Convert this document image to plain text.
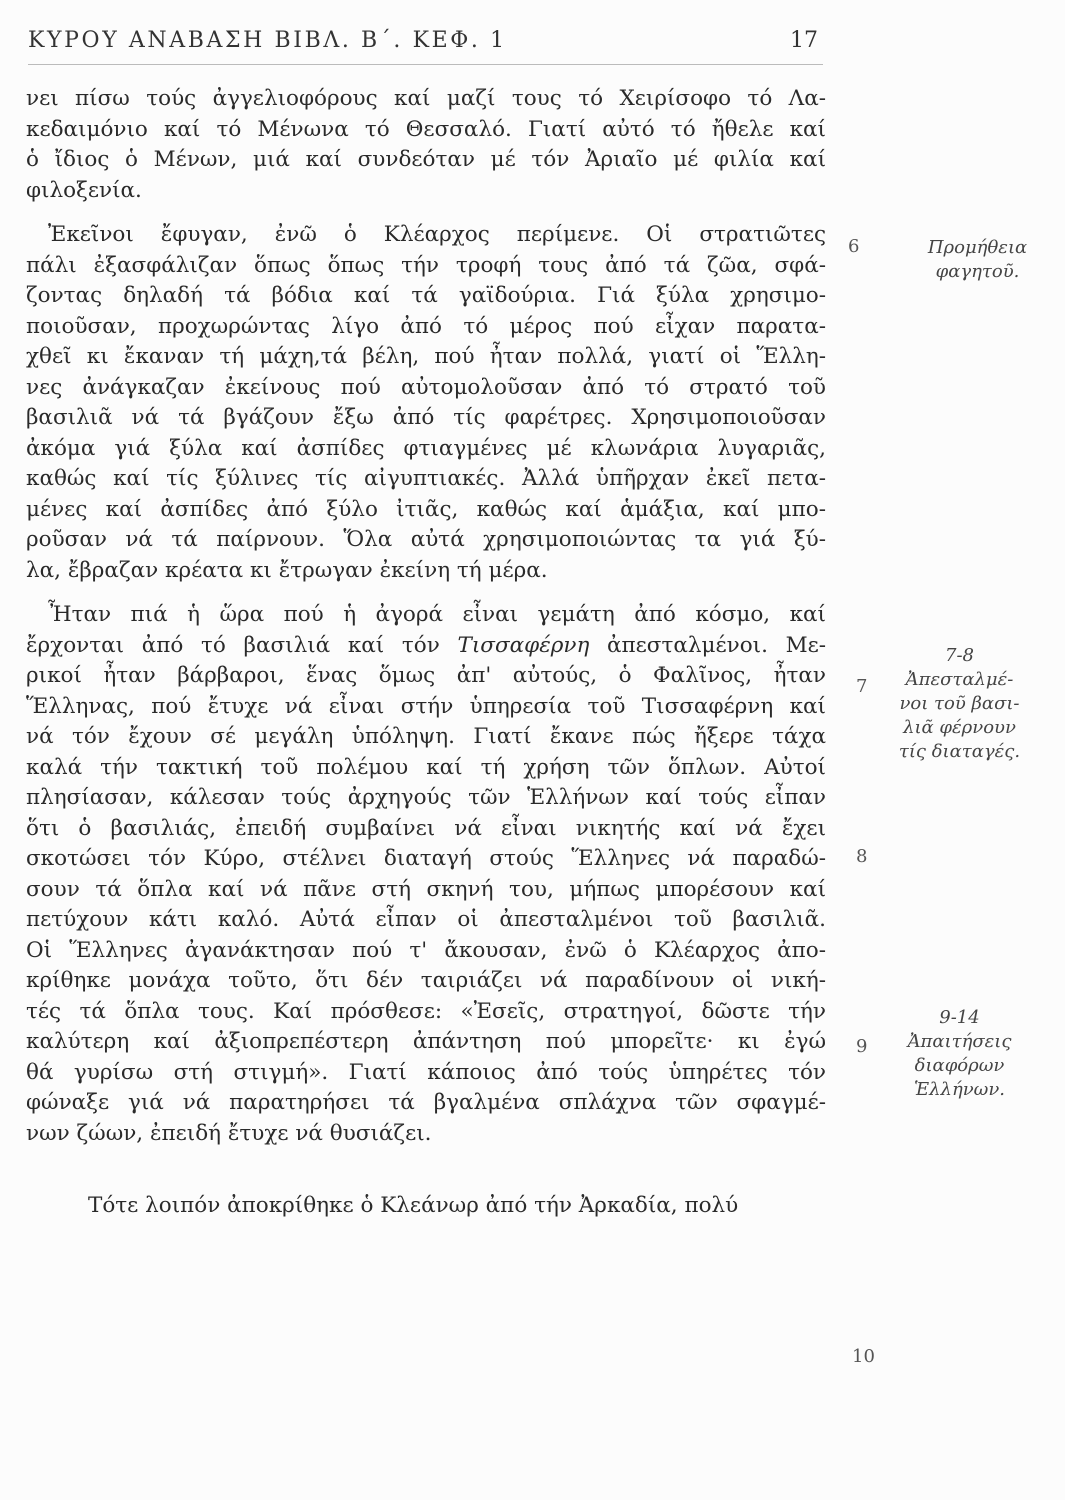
ΚΥΡΟΥ ΑΝΑΒΑΣΗ ΒΙΒΛ. Β΄. ΚΕΦ. 1	17
νει πίσω τούς ἀγγελιοφόρους καί μαζί τους τό Χειρίσοφο τό Λα-
κεδαιμόνιο καί τό Μένωνα τό Θεσσαλό. Γιατί αὐτό τό ἤθελε καί
ὁ ἴδιος ὁ Μένων, μιά καί συνδεόταν μέ τόν Ἀριαῖο μέ φιλία καί
φιλοξενία.
Ἐκεῖνοι ἔφυγαν, ἐνῶ ὁ Κλέαρχος περίμενε. Οἱ στρατιῶτες
πάλι ἐξασφάλιζαν ὅπως ὅπως τήν τροφή τους ἀπό τά ζῶα, σφά-
ζοντας δηλαδή τά βόδια καί τά γαϊδούρια. Γιά ξύλα χρησιμο-
ποιοῦσαν, προχωρώντας λίγο ἀπό τό μέρος πού εἶχαν παρατα-
χθεῖ κι ἔκαναν τή μάχη,τά βέλη, πού ἦταν πολλά, γιατί οἱ Ἕλλη-
νες ἀνάγκαζαν ἐκείνους πού αὐτομολοῦσαν ἀπό τό στρατό τοῦ
βασιλιᾶ νά τά βγάζουν ἔξω ἀπό τίς φαρέτρες. Χρησιμοποιοῦσαν
ἀκόμα γιά ξύλα καί ἀσπίδες φτιαγμένες μέ κλωνάρια λυγαριᾶς,
καθώς καί τίς ξύλινες τίς αἰγυπτιακές. Ἀλλά ὑπῆρχαν ἐκεῖ πετα-
μένες καί ἀσπίδες ἀπό ξύλο ἰτιᾶς, καθώς καί ἁμάξια, καί μπο-
ροῦσαν νά τά παίρνουν. Ὅλα αὐτά χρησιμοποιώντας τα γιά ξύ-
λα, ἔβραζαν κρέατα κι ἔτρωγαν ἐκείνη τή μέρα.
Ἦταν πιά ἡ ὥρα πού ἡ ἀγορά εἶναι γεμάτη ἀπό κόσμο, καί
ἔρχονται ἀπό τό βασιλιά καί τόν Τισσαφέρνη ἀπεσταλμένοι. Με-
ρικοί ἦταν βάρβαροι, ἕνας ὅμως ἀπ' αὐτούς, ὁ Φαλῖνος, ἦταν
Ἕλληνας, πού ἔτυχε νά εἶναι στήν ὑπηρεσία τοῦ Τισσαφέρνη καί
νά τόν ἔχουν σέ μεγάλη ὑπόληψη. Γιατί ἔκανε πώς ἤξερε τάχα
καλά τήν τακτική τοῦ πολέμου καί τή χρήση τῶν ὅπλων. Αὐτοί
πλησίασαν, κάλεσαν τούς ἀρχηγούς τῶν Ἑλλήνων καί τούς εἶπαν
ὅτι ὁ βασιλιάς, ἐπειδή συμβαίνει νά εἶναι νικητής καί νά ἔχει
σκοτώσει τόν Κύρο, στέλνει διαταγή στούς Ἕλληνες νά παραδώ-
σουν τά ὅπλα καί νά πᾶνε στή σκηνή του, μήπως μπορέσουν καί
πετύχουν κάτι καλό. Αὐτά εἶπαν οἱ ἀπεσταλμένοι τοῦ βασιλιᾶ.
Οἱ Ἕλληνες ἀγανάκτησαν πού τ' ἄκουσαν, ἐνῶ ὁ Κλέαρχος ἀπο-
κρίθηκε μονάχα τοῦτο, ὅτι δέν ταιριάζει νά παραδίνουν οἱ νική-
τές τά ὅπλα τους. Καί πρόσθεσε: «Ἐσεῖς, στρατηγοί, δῶστε τήν
καλύτερη καί ἀξιοπρεπέστερη ἀπάντηση πού μπορεῖτε· κι ἐγώ
θά γυρίσω στή στιγμή». Γιατί κάποιος ἀπό τούς ὑπηρέτες τόν
φώναξε γιά νά παρατηρήσει τά βγαλμένα σπλάχνα τῶν σφαγμέ-
νων ζώων, ἐπειδή ἔτυχε νά θυσιάζει.
Τότε λοιπόν ἀποκρίθηκε ὁ Κλεάνωρ ἀπό τήν Ἀρκαδία, πολύ
6
7
8
9
10
Προμήθεια
φαγητοῦ.
7-8
Ἀπεσταλμέ-
νοι τοῦ βασι-
λιᾶ φέρνουν
τίς διαταγές.
9-14
Ἀπαιτήσεις
διαφόρων
Ἑλλήνων.
